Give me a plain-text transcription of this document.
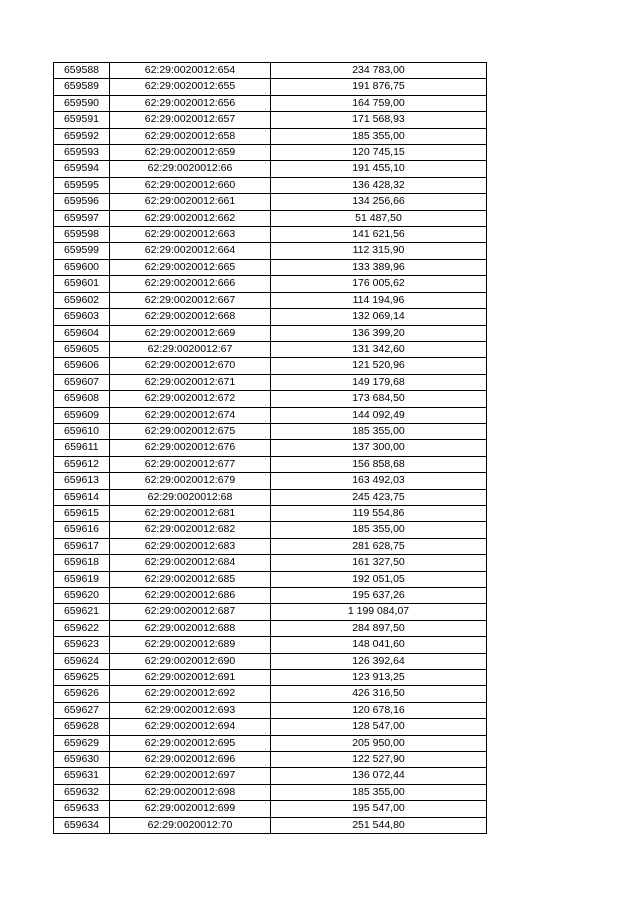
659588	62:29:0020012:654	234 783,00
659589	62:29:0020012:655	191 876,75
659590	62:29:0020012:656	164 759,00
659591	62:29:0020012:657	171 568,93
659592	62:29:0020012:658	185 355,00
659593	62:29:0020012:659	120 745,15
659594	62:29:0020012:66	191 455,10
659595	62:29:0020012:660	136 428,32
659596	62:29:0020012:661	134 256,66
659597	62:29:0020012:662	51 487,50
659598	62:29:0020012:663	141 621,56
659599	62:29:0020012:664	112 315,90
659600	62:29:0020012:665	133 389,96
659601	62:29:0020012:666	176 005,62
659602	62:29:0020012:667	114 194,96
659603	62:29:0020012:668	132 069,14
659604	62:29:0020012:669	136 399,20
659605	62:29:0020012:67	131 342,60
659606	62:29:0020012:670	121 520,96
659607	62:29:0020012:671	149 179,68
659608	62:29:0020012:672	173 684,50
659609	62:29:0020012:674	144 092,49
659610	62:29:0020012:675	185 355,00
659611	62:29:0020012:676	137 300,00
659612	62:29:0020012:677	156 858,68
659613	62:29:0020012:679	163 492,03
659614	62:29:0020012:68	245 423,75
659615	62:29:0020012:681	119 554,86
659616	62:29:0020012:682	185 355,00
659617	62:29:0020012:683	281 628,75
659618	62:29:0020012:684	161 327,50
659619	62:29:0020012:685	192 051,05
659620	62:29:0020012:686	195 637,26
659621	62:29:0020012:687	1 199 084,07
659622	62:29:0020012:688	284 897,50
659623	62:29:0020012:689	148 041,60
659624	62:29:0020012:690	126 392,64
659625	62:29:0020012:691	123 913,25
659626	62:29:0020012:692	426 316,50
659627	62:29:0020012:693	120 678,16
659628	62:29:0020012:694	128 547,00
659629	62:29:0020012:695	205 950,00
659630	62:29:0020012:696	122 527,90
659631	62:29:0020012:697	136 072,44
659632	62:29:0020012:698	185 355,00
659633	62:29:0020012:699	195 547,00
659634	62:29:0020012:70	251 544,80
